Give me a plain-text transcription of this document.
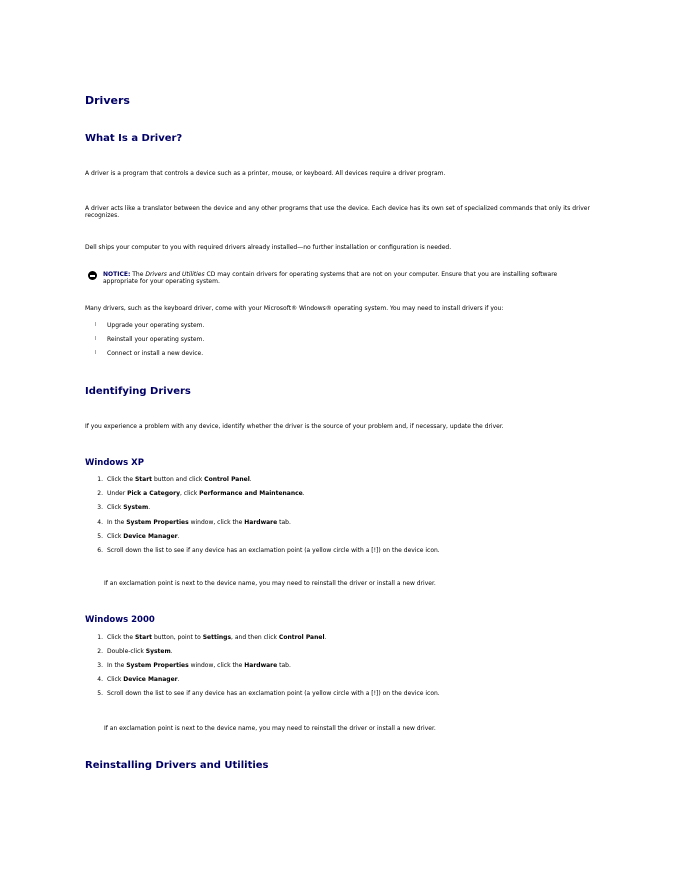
Drivers
What Is a Driver?
A driver is a program that controls a device such as a printer, mouse, or keyboard. All devices require a driver program.
A driver acts like a translator between the device and any other programs that use the device. Each device has its own set of specialized commands that only its driver recognizes.
Dell ships your computer to you with required drivers already installed—no further installation or configuration is needed.
NOTICE: The Drivers and Utilities CD may contain drivers for operating systems that are not on your computer. Ensure that you are installing software appropriate for your operating system.
Many drivers, such as the keyboard driver, come with your Microsoft® Windows® operating system. You may need to install drivers if you:
l Upgrade your operating system.
l Reinstall your operating system.
l Connect or install a new device.
Identifying Drivers
If you experience a problem with any device, identify whether the driver is the source of your problem and, if necessary, update the driver.
Windows XP
1. Click the Start button and click Control Panel.
2. Under Pick a Category, click Performance and Maintenance.
3. Click System.
4. In the System Properties window, click the Hardware tab.
5. Click Device Manager.
6. Scroll down the list to see if any device has an exclamation point (a yellow circle with a [!]) on the device icon.
If an exclamation point is next to the device name, you may need to reinstall the driver or install a new driver.
Windows 2000
1. Click the Start button, point to Settings, and then click Control Panel.
2. Double-click System.
3. In the System Properties window, click the Hardware tab.
4. Click Device Manager.
5. Scroll down the list to see if any device has an exclamation point (a yellow circle with a [!]) on the device icon.
If an exclamation point is next to the device name, you may need to reinstall the driver or install a new driver.
Reinstalling Drivers and Utilities
